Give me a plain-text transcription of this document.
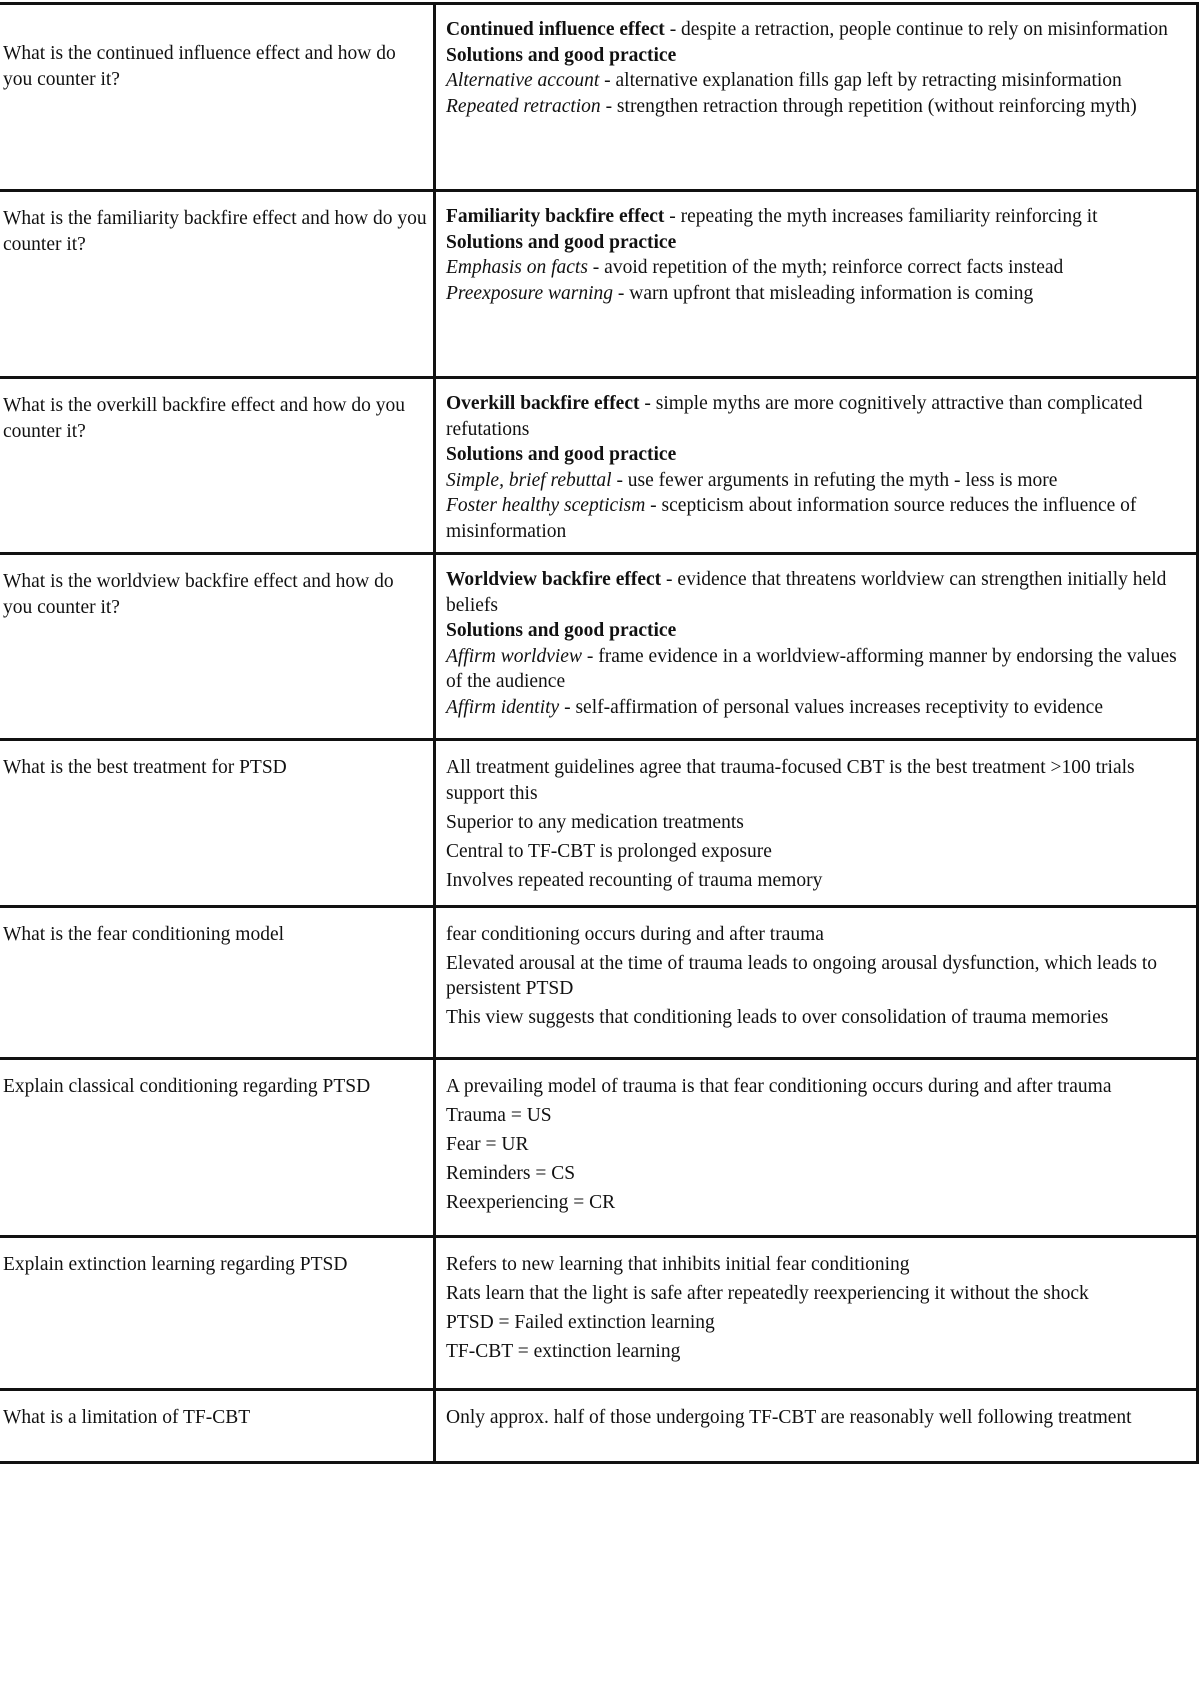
What is the continued influence effect and how do you counter it?	Continued influence effect - despite a retraction, people continue to rely on misinformation
Solutions and good practice
Alternative account - alternative explanation fills gap left by retracting misinformation
Repeated retraction - strengthen retraction through repetition (without reinforcing myth)

What is the familiarity backfire effect and how do you counter it?	Familiarity backfire effect - repeating the myth increases familiarity reinforcing it
Solutions and good practice
Emphasis on facts - avoid repetition of the myth; reinforce correct facts instead
Preexposure warning - warn upfront that misleading information is coming

What is the overkill backfire effect and how do you counter it?	Overkill backfire effect - simple myths are more cognitively attractive than complicated refutations
Solutions and good practice
Simple, brief rebuttal - use fewer arguments in refuting the myth - less is more
Foster healthy scepticism - scepticism about information source reduces the influence of misinformation

What is the worldview backfire effect and how do you counter it?	Worldview backfire effect - evidence that threatens worldview can strengthen initially held beliefs
Solutions and good practice
Affirm worldview - frame evidence in a worldview-afforming manner by endorsing the values of the audience
Affirm identity - self-affirmation of personal values increases receptivity to evidence

What is the best treatment for PTSD	All treatment guidelines agree that trauma-focused CBT is the best treatment >100 trials support this
Superior to any medication treatments
Central to TF-CBT is prolonged exposure
Involves repeated recounting of trauma memory

What is the fear conditioning model	fear conditioning occurs during and after trauma
Elevated arousal at the time of trauma leads to ongoing arousal dysfunction, which leads to persistent PTSD
This view suggests that conditioning leads to over consolidation of trauma memories

Explain classical conditioning regarding PTSD	A prevailing model of trauma is that fear conditioning occurs during and after trauma
Trauma = US
Fear = UR
Reminders = CS
Reexperiencing = CR

Explain extinction learning regarding PTSD	Refers to new learning that inhibits initial fear conditioning
Rats learn that the light is safe after repeatedly reexperiencing it without the shock
PTSD = Failed extinction learning
TF-CBT = extinction learning

What is a limitation of TF-CBT	Only approx. half of those undergoing TF-CBT are reasonably well following treatment
